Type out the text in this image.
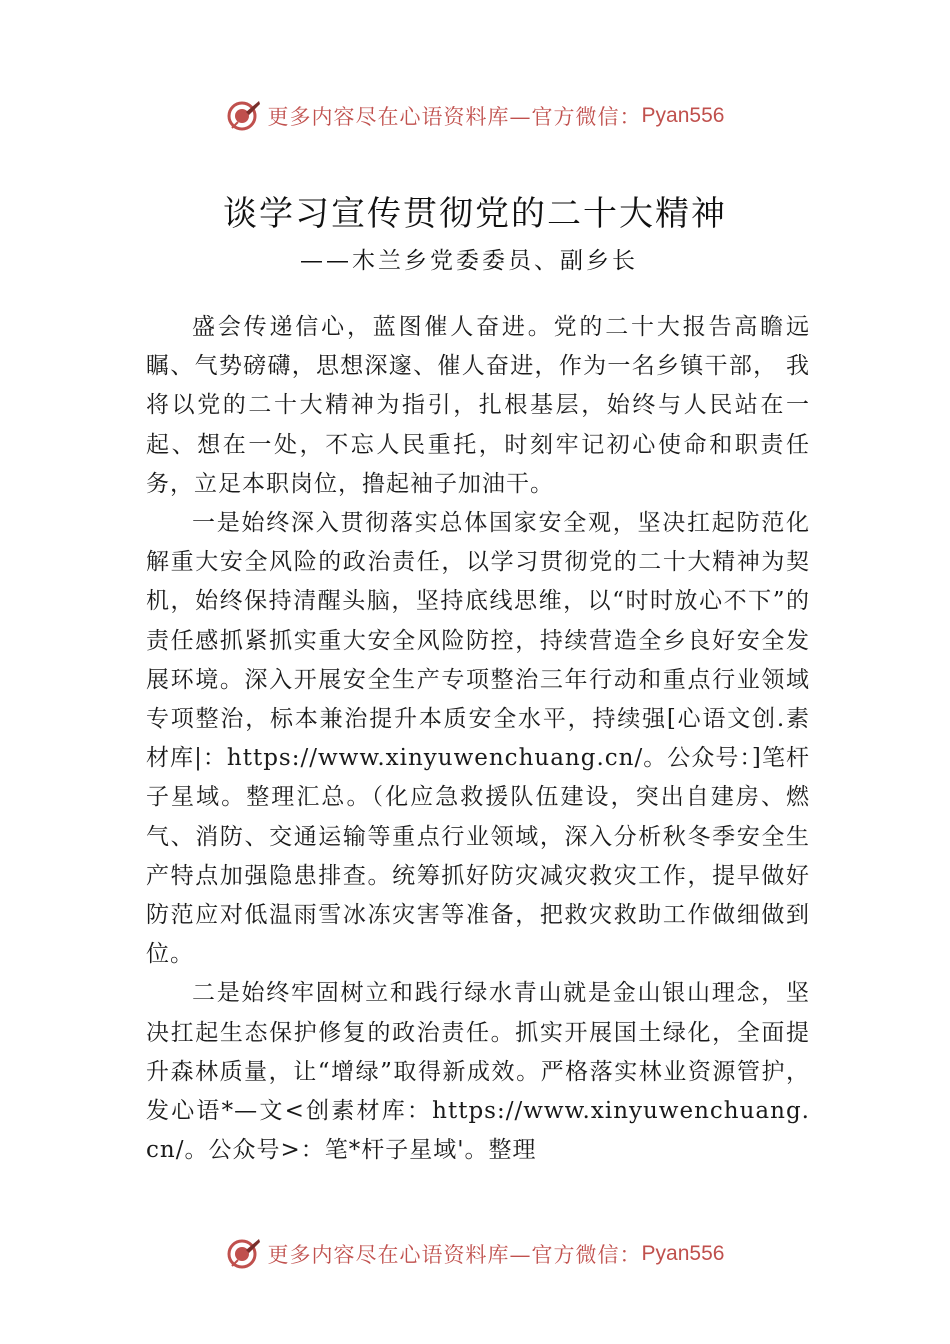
更多内容尽在心语资料库—官方微信： Pyan556
谈学习宣传贯彻党的二十大精神
——木兰乡党委委员、副乡长

盛会传递信心，蓝图催人奋进。党的二十大报告高瞻远瞩、气势磅礴，思想深邃、催人奋进，作为一名乡镇干部， 我将以党的二十大精神为指引，扎根基层，始终与人民站在一起、想在一处，不忘人民重托，时刻牢记初心使命和职责任务，立足本职岗位，撸起袖子加油干。

一是始终深入贯彻落实总体国家安全观，坚决扛起防范化解重大安全风险的政治责任，以学习贯彻党的二十大精神为契机，始终保持清醒头脑，坚持底线思维，以“时时放心不下”的责任感抓紧抓实重大安全风险防控，持续营造全乡良好安全发展环境。深入开展安全生产专项整治三年行动和重点行业领域专项整治，标本兼治提升本质安全水平，持续强[心语文创.素材库|：https://www.xinyuwenchuang.cn/。公众号：]笔杆子星域。整理汇总。（化应急救援队伍建设，突出自建房、燃气、消防、交通运输等重点行业领域，深入分析秋冬季安全生产特点加强隐患排查。统筹抓好防灾减灾救灾工作，提早做好防范应对低温雨雪冰冻灾害等准备，把救灾救助工作做细做到位。

二是始终牢固树立和践行绿水青山就是金山银山理念，坚决扛起生态保护修复的政治责任。抓实开展国土绿化，全面提升森林质量，让“增绿”取得新成效。严格落实林业资源管护，发心语*—文<创素材库：https://www.xinyuwenchuang.cn/。公众号>：笔*杆子星域'。整理

更多内容尽在心语资料库—官方微信： Pyan556
